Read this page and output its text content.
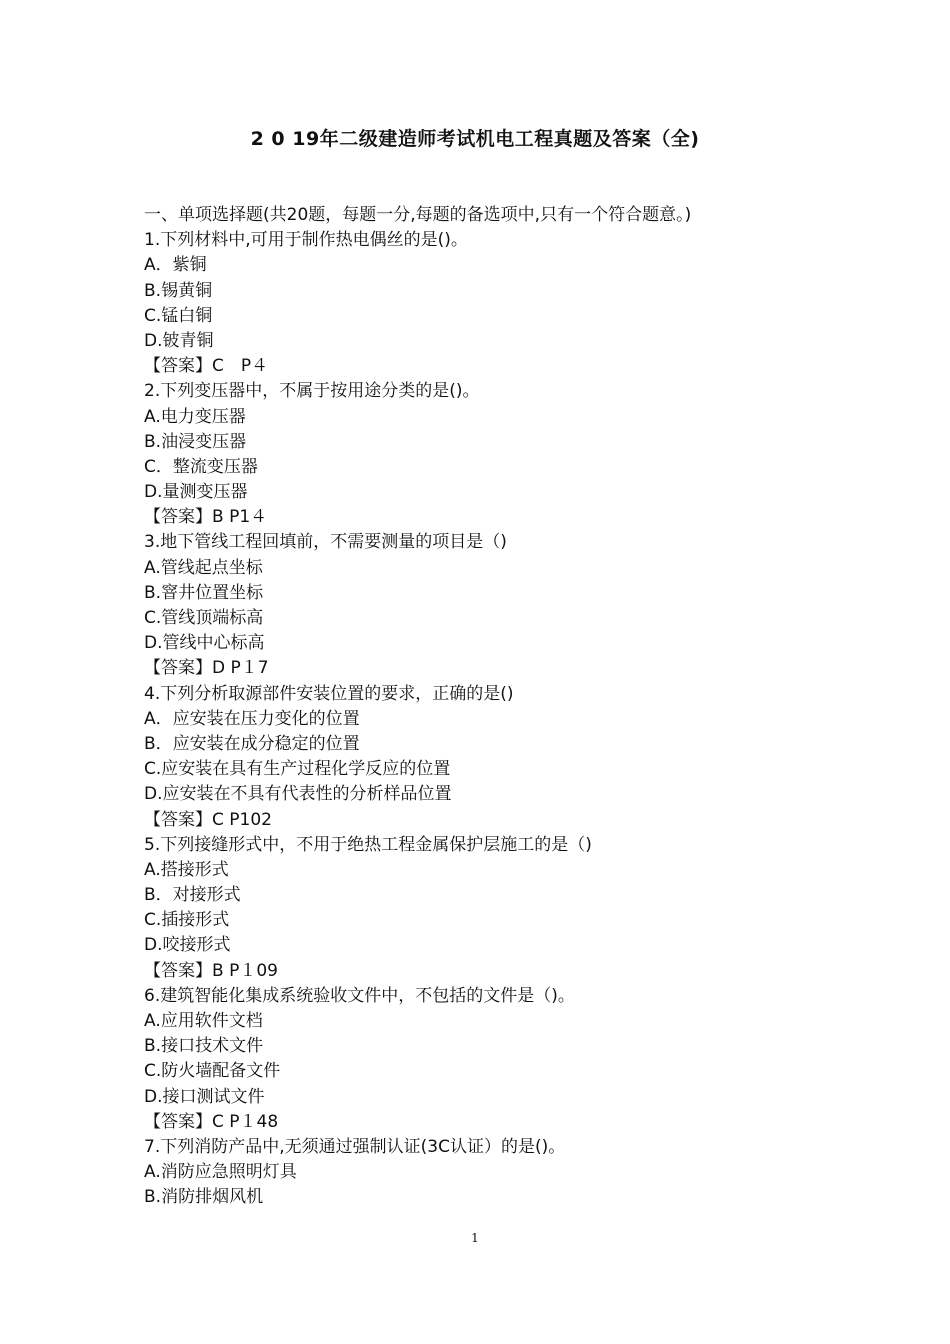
2 0 19年二级建造师考试机电工程真题及答案（全)
一、单项选择题(共20题，每题一分,每题的备选项中,只有一个符合题意。)
1.下列材料中,可用于制作热电偶丝的是()。
A．紫铜
B.锡黄铜
C.锰白铜
D.铍青铜
【答案】C　P４
2.下列变压器中，不属于按用途分类的是()。
A.电力变压器
B.油浸变压器
C．整流变压器
D.量测变压器
【答案】B P1４
3.地下管线工程回填前，不需要测量的项目是（)
A.管线起点坐标
B.窨井位置坐标
C.管线顶端标高
D.管线中心标高
【答案】D P１7
4.下列分析取源部件安装位置的要求，正确的是()
A．应安装在压力变化的位置
B．应安装在成分稳定的位置
C.应安装在具有生产过程化学反应的位置
D.应安装在不具有代表性的分析样品位置
【答案】C P102
5.下列接缝形式中，不用于绝热工程金属保护层施工的是（)
A.搭接形式
B．对接形式
C.插接形式
D.咬接形式
【答案】B P１09
6.建筑智能化集成系统验收文件中，不包括的文件是（)。
A.应用软件文档
B.接口技术文件
C.防火墙配备文件
D.接口测试文件
【答案】C P１48
7.下列消防产品中,无须通过强制认证(3C认证）的是()。
A.消防应急照明灯具
B.消防排烟风机
1
